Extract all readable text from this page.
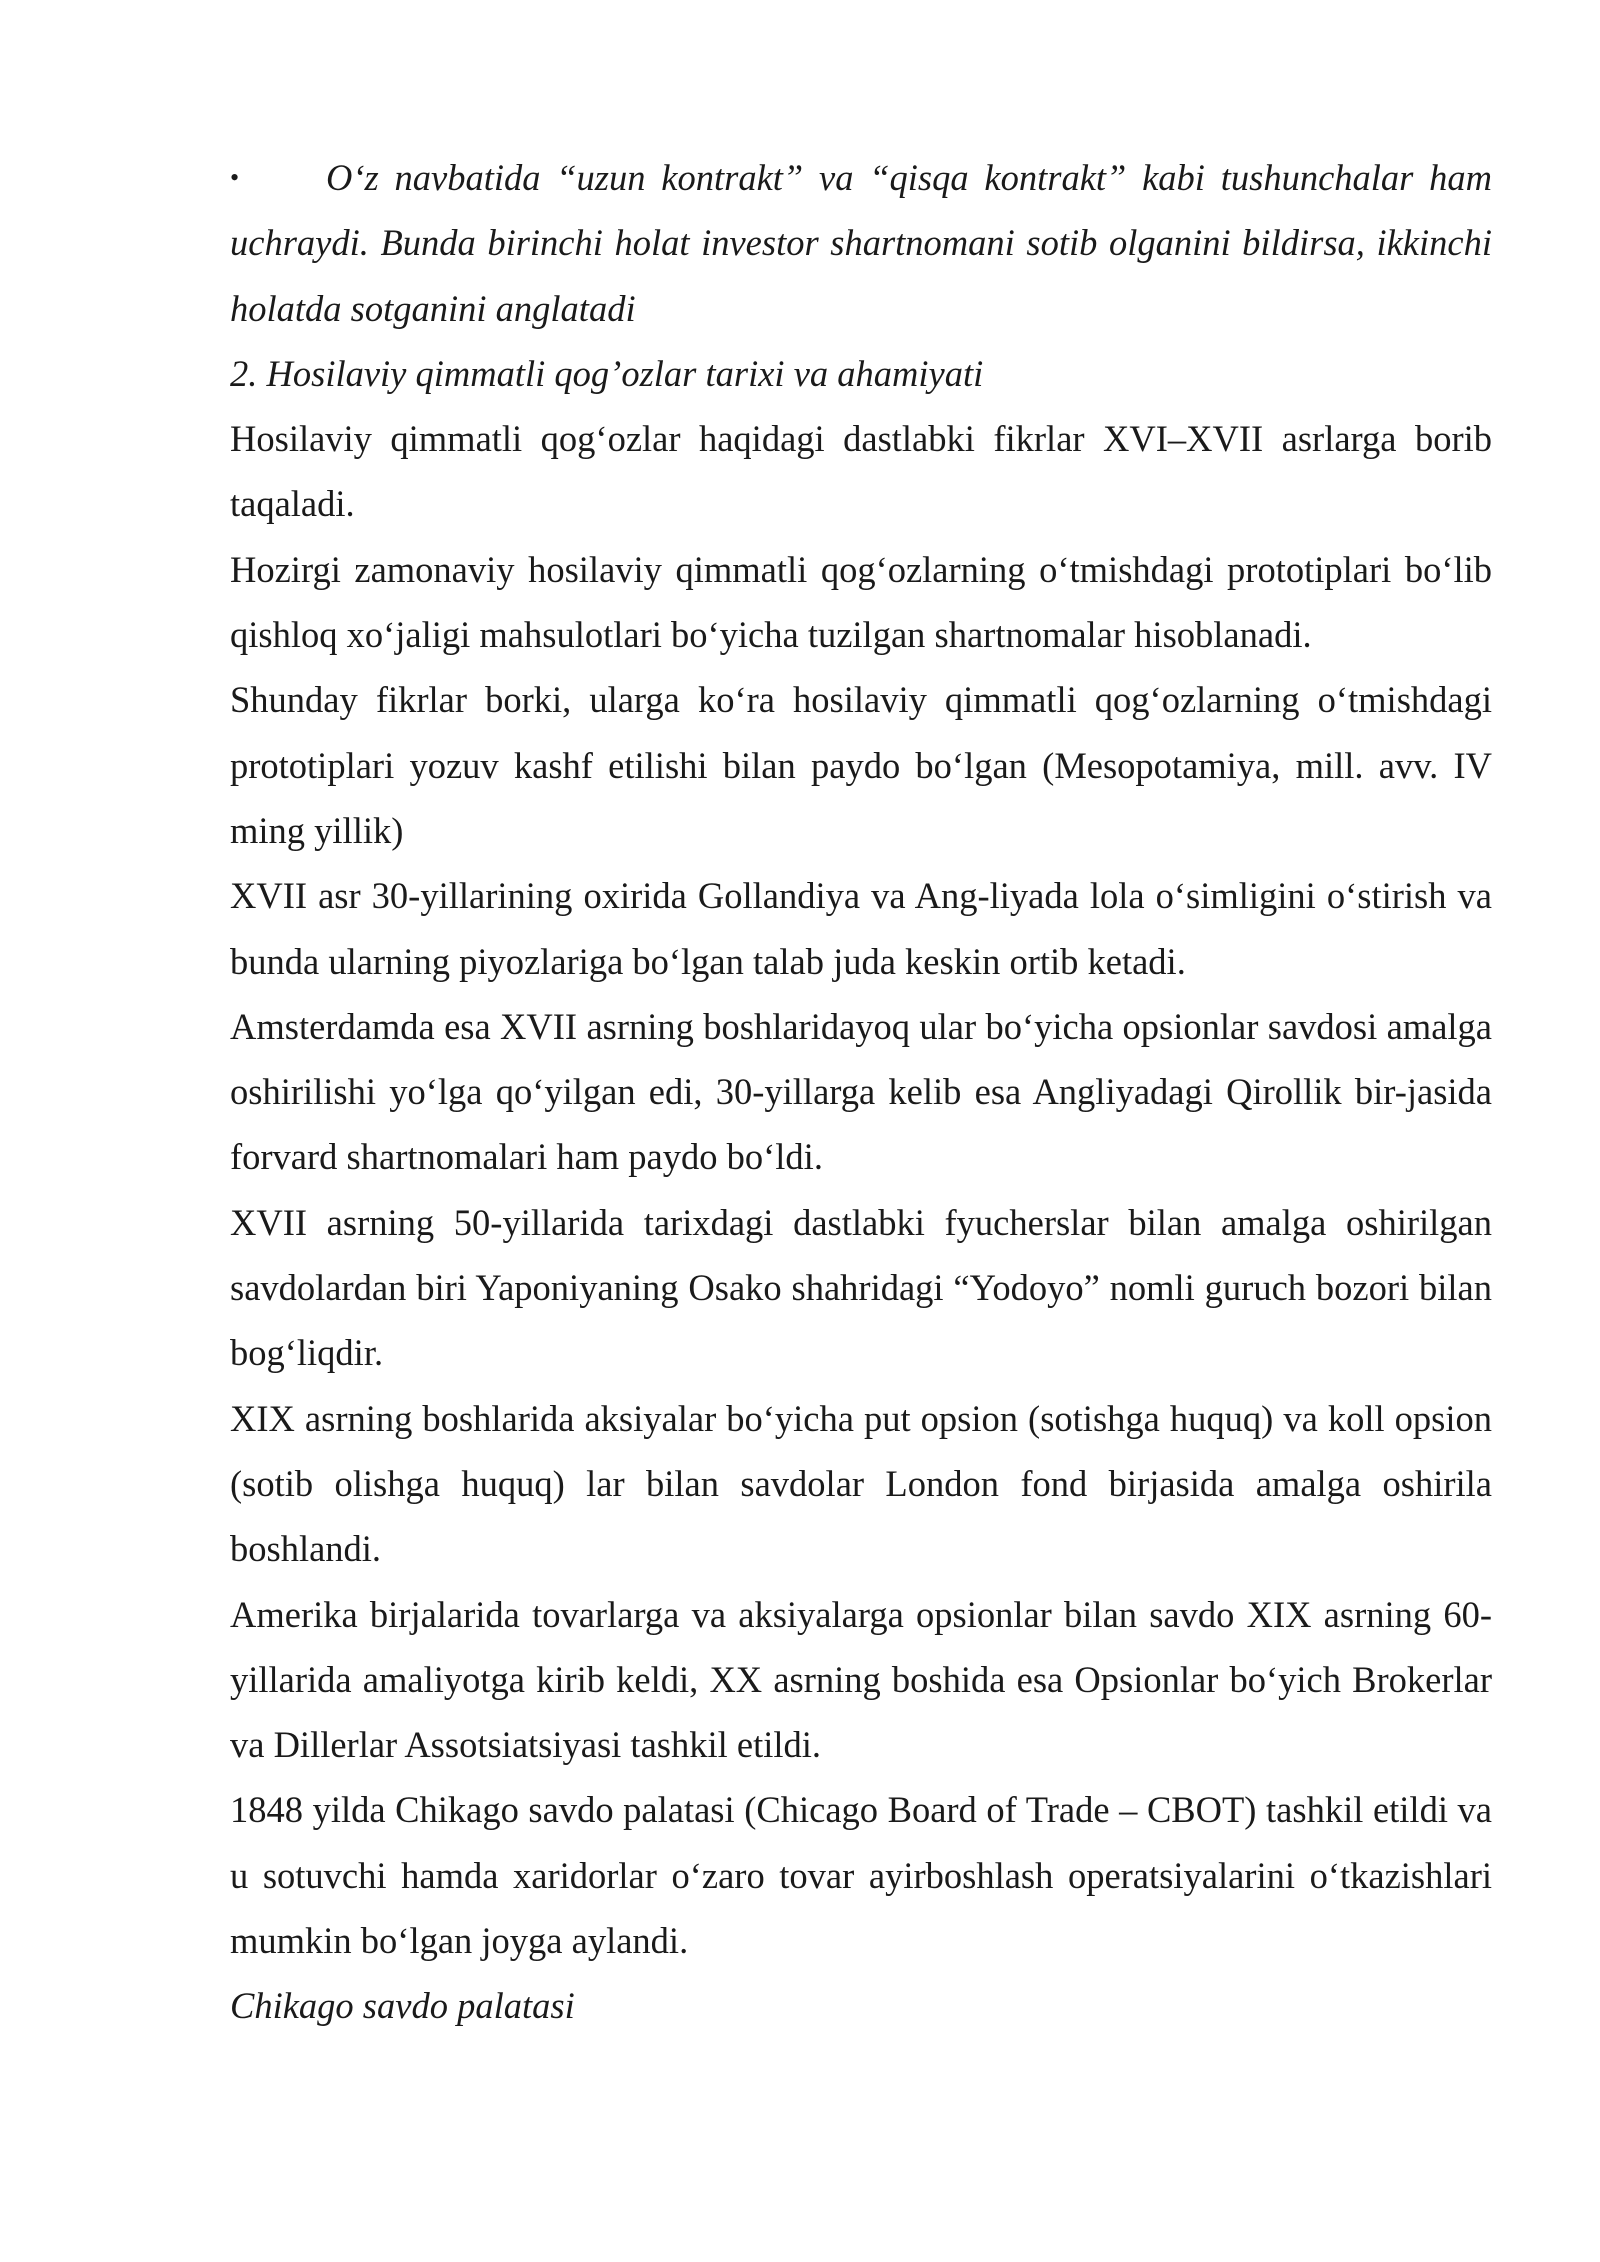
• O‘z navbatida “uzun kontrakt” va “qisqa kontrakt” kabi tushunchalar ham uchraydi. Bunda birinchi holat investor shartnomani sotib olganini bildirsa, ikkinchi holatda sotganini anglatadi

2. Hosilaviy qimmatli qog’ozlar tarixi va ahamiyati

Hosilaviy qimmatli qog‘ozlar haqidagi dastlabki fikrlar XVI–XVII asrlarga borib taqaladi.

Hozirgi zamonaviy hosilaviy qimmatli qog‘ozlarning o‘tmishdagi prototiplari bo‘lib qishloq xo‘jaligi mahsulotlari bo‘yicha tuzilgan shartnomalar hisoblanadi.

Shunday fikrlar borki, ularga ko‘ra hosilaviy qimmatli qog‘ozlarning o‘tmishdagi prototiplari yozuv kashf etilishi bilan paydo bo‘lgan (Mesopotamiya, mill. avv. IV ming yillik)

XVII asr 30-yillarining oxirida Gollandiya va Ang-liyada lola o‘simligini o‘stirish va bunda ularning piyozlariga bo‘lgan talab juda keskin ortib ketadi.

Amsterdamda esa XVII asrning boshlaridayoq ular bo‘yicha opsionlar savdosi amalga oshirilishi yo‘lga qo‘yilgan edi, 30-yillarga kelib esa Angliyadagi Qirollik bir-jasida forvard shartnomalari ham paydo bo‘ldi.

XVII asrning 50-yillarida tarixdagi dastlabki fyucherslar bilan amalga oshirilgan savdolardan biri Yaponiyaning Osako shahridagi “Yodoyo” nomli guruch bozori bilan bog‘liqdir.

XIX asrning boshlarida aksiyalar bo‘yicha put opsion (sotishga huquq) va koll opsion (sotib olishga huquq) lar bilan savdolar London fond birjasida amalga oshirila boshlandi.

Amerika birjalarida tovarlarga va aksiyalarga opsionlar bilan savdo XIX asrning 60-yillarida amaliyotga kirib keldi, XX asrning boshida esa Opsionlar bo‘yich Brokerlar va Dillerlar Assotsiatsiyasi tashkil etildi.

1848 yilda Chikago savdo palatasi (Chicago Board of Trade – CBOT) tashkil etildi va u sotuvchi hamda xaridorlar o‘zaro tovar ayirboshlash operatsiyalarini o‘tkazishlari mumkin bo‘lgan joyga aylandi.

Chikago savdo palatasi
